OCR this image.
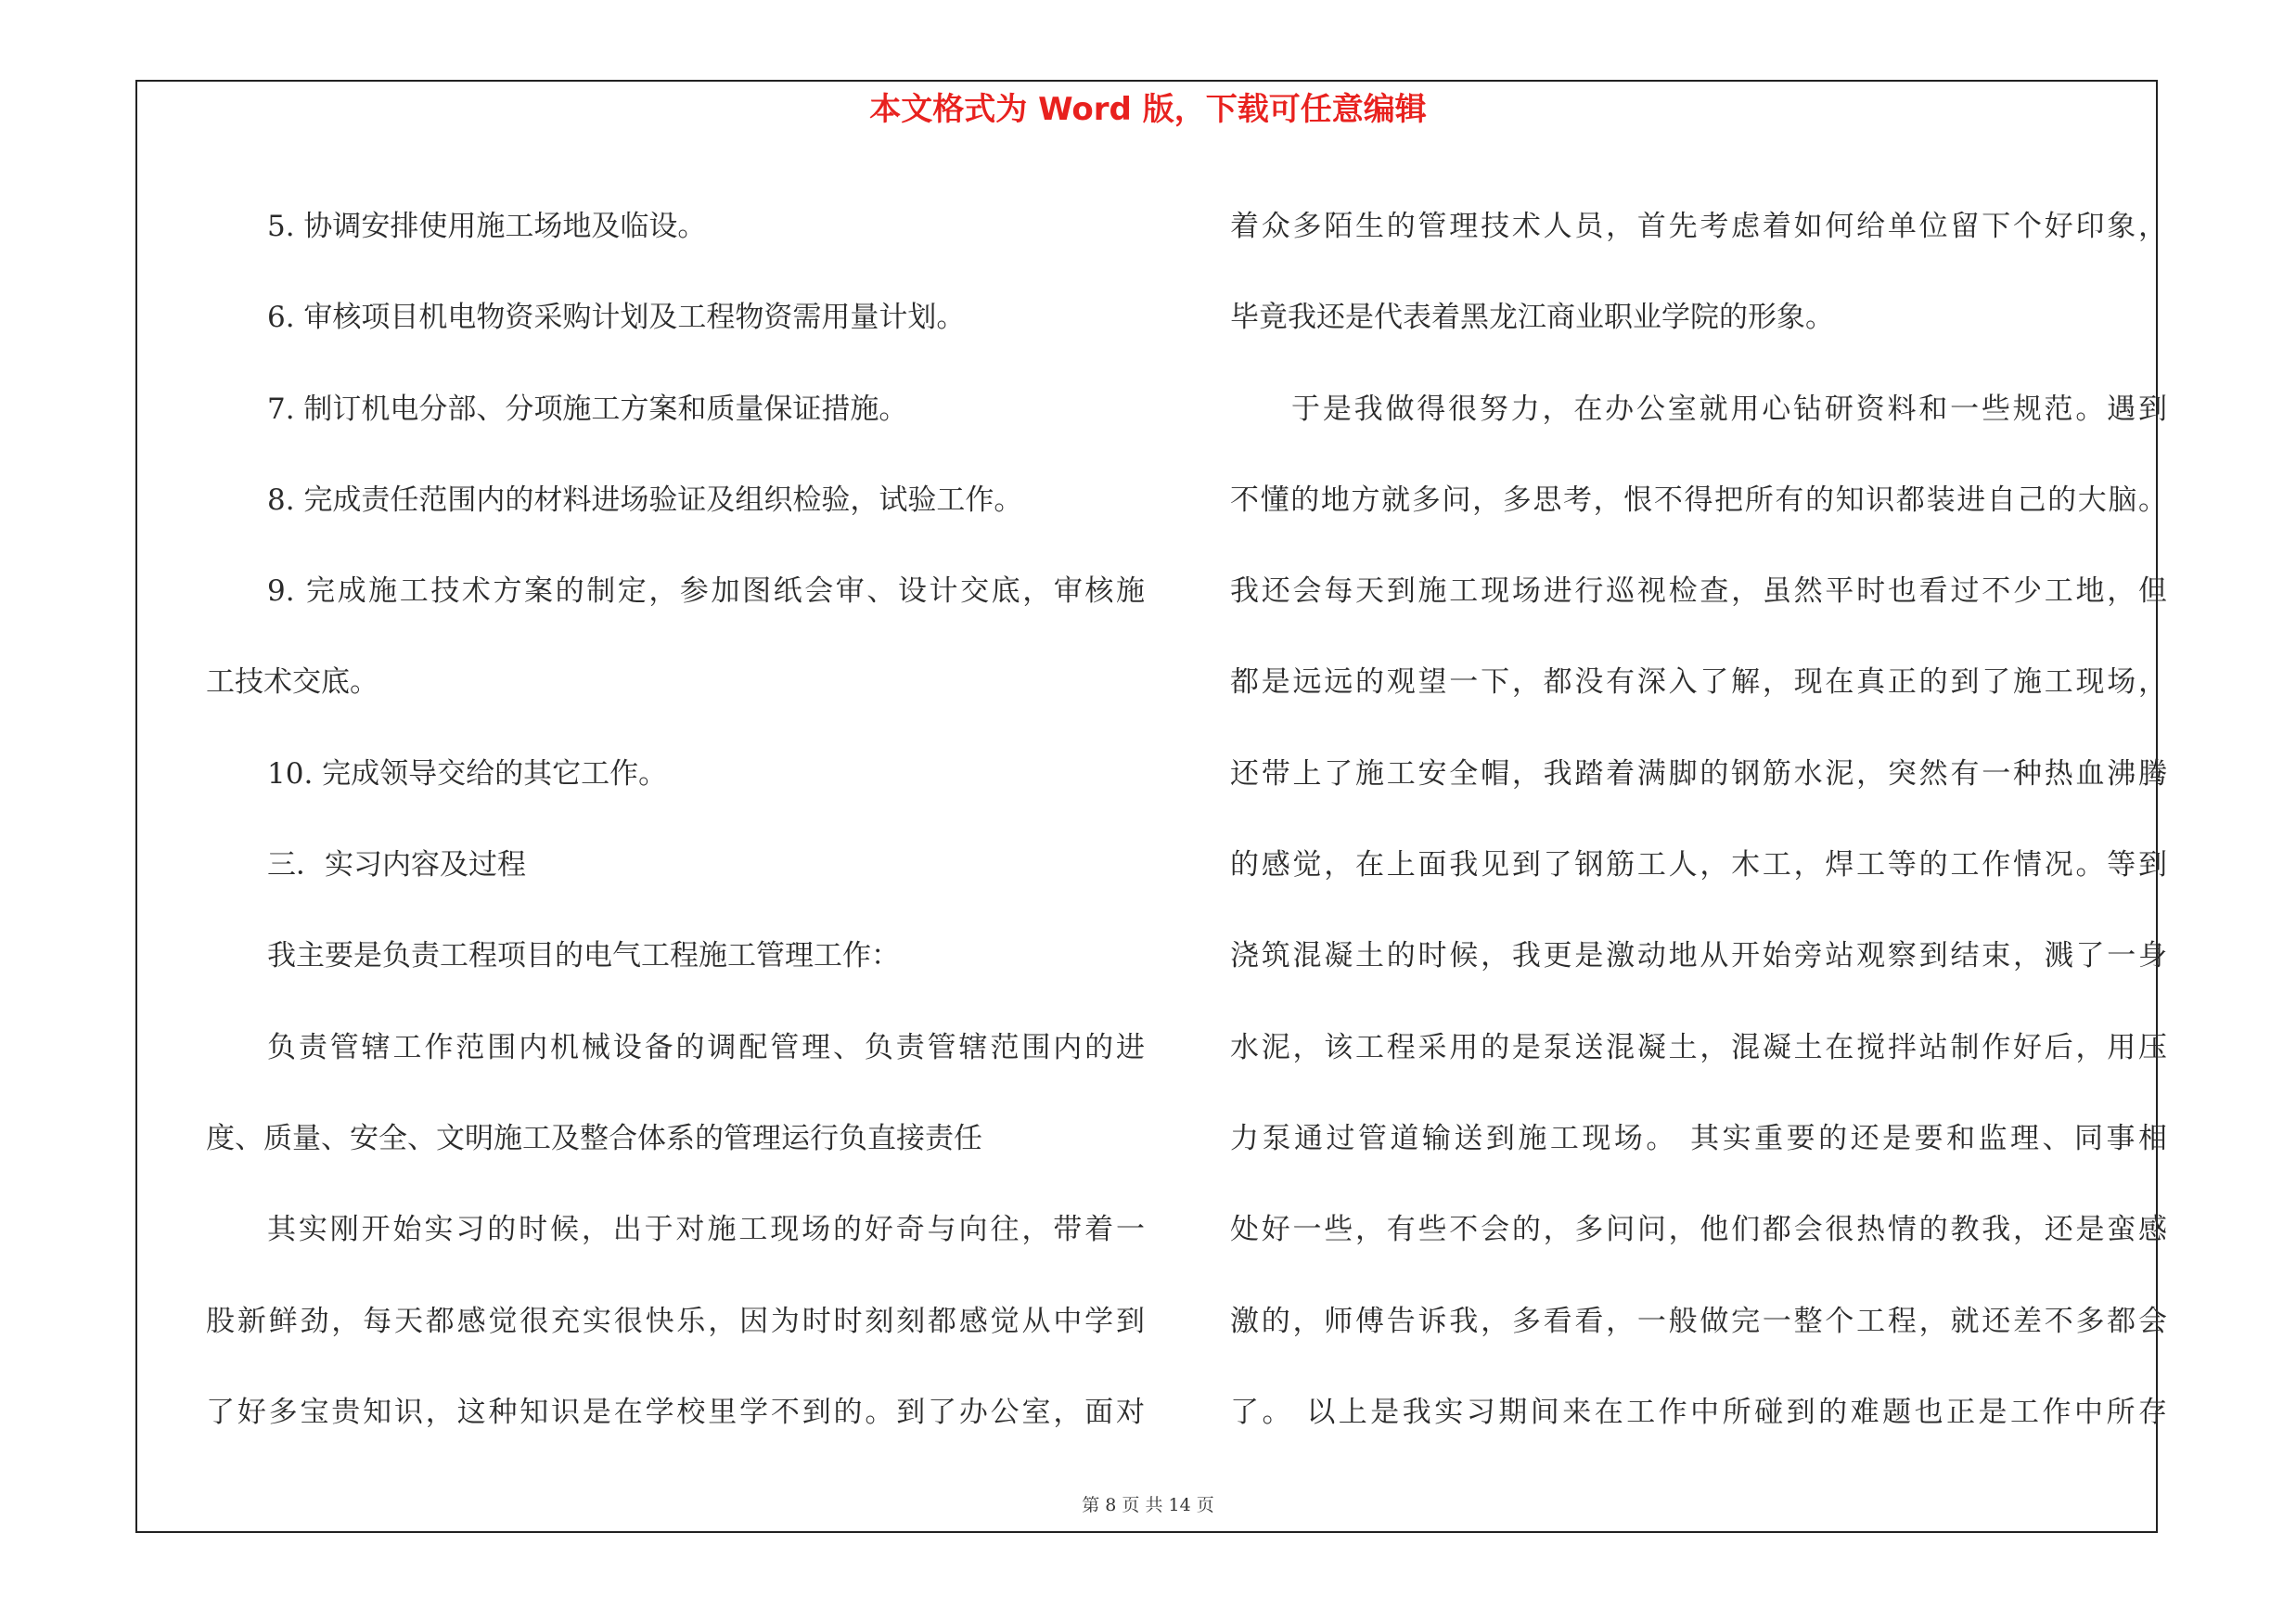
本文格式为 Word 版，下载可任意编辑
5. 协调安排使用施工场地及临设。
6. 审核项目机电物资采购计划及工程物资需用量计划。
7. 制订机电分部、分项施工方案和质量保证措施。
8. 完成责任范围内的材料进场验证及组织检验，试验工作。
9. 完成施工技术方案的制定，参加图纸会审、设计交底，审核施
工技术交底。
10. 完成领导交给的其它工作。
三．实习内容及过程
我主要是负责工程项目的电气工程施工管理工作：
负责管辖工作范围内机械设备的调配管理、负责管辖范围内的进
度、质量、安全、文明施工及整合体系的管理运行负直接责任
其实刚开始实习的时候，出于对施工现场的好奇与向往，带着一
股新鲜劲，每天都感觉很充实很快乐，因为时时刻刻都感觉从中学到
了好多宝贵知识，这种知识是在学校里学不到的。到了办公室，面对
着众多陌生的管理技术人员，首先考虑着如何给单位留下个好印象，
毕竟我还是代表着黑龙江商业职业学院的形象。
于是我做得很努力，在办公室就用心钻研资料和一些规范。遇到
不懂的地方就多问，多思考，恨不得把所有的知识都装进自己的大脑。
我还会每天到施工现场进行巡视检查，虽然平时也看过不少工地，但
都是远远的观望一下，都没有深入了解，现在真正的到了施工现场，
还带上了施工安全帽，我踏着满脚的钢筋水泥，突然有一种热血沸腾
的感觉，在上面我见到了钢筋工人，木工，焊工等的工作情况。等到
浇筑混凝土的时候，我更是激动地从开始旁站观察到结束，溅了一身
水泥，该工程采用的是泵送混凝土，混凝土在搅拌站制作好后，用压
力泵通过管道输送到施工现场。 其实重要的还是要和监理、同事相
处好一些，有些不会的，多问问，他们都会很热情的教我，还是蛮感
激的，师傅告诉我，多看看，一般做完一整个工程，就还差不多都会
了。 以上是我实习期间来在工作中所碰到的难题也正是工作中所存
第 8 页 共 14 页
